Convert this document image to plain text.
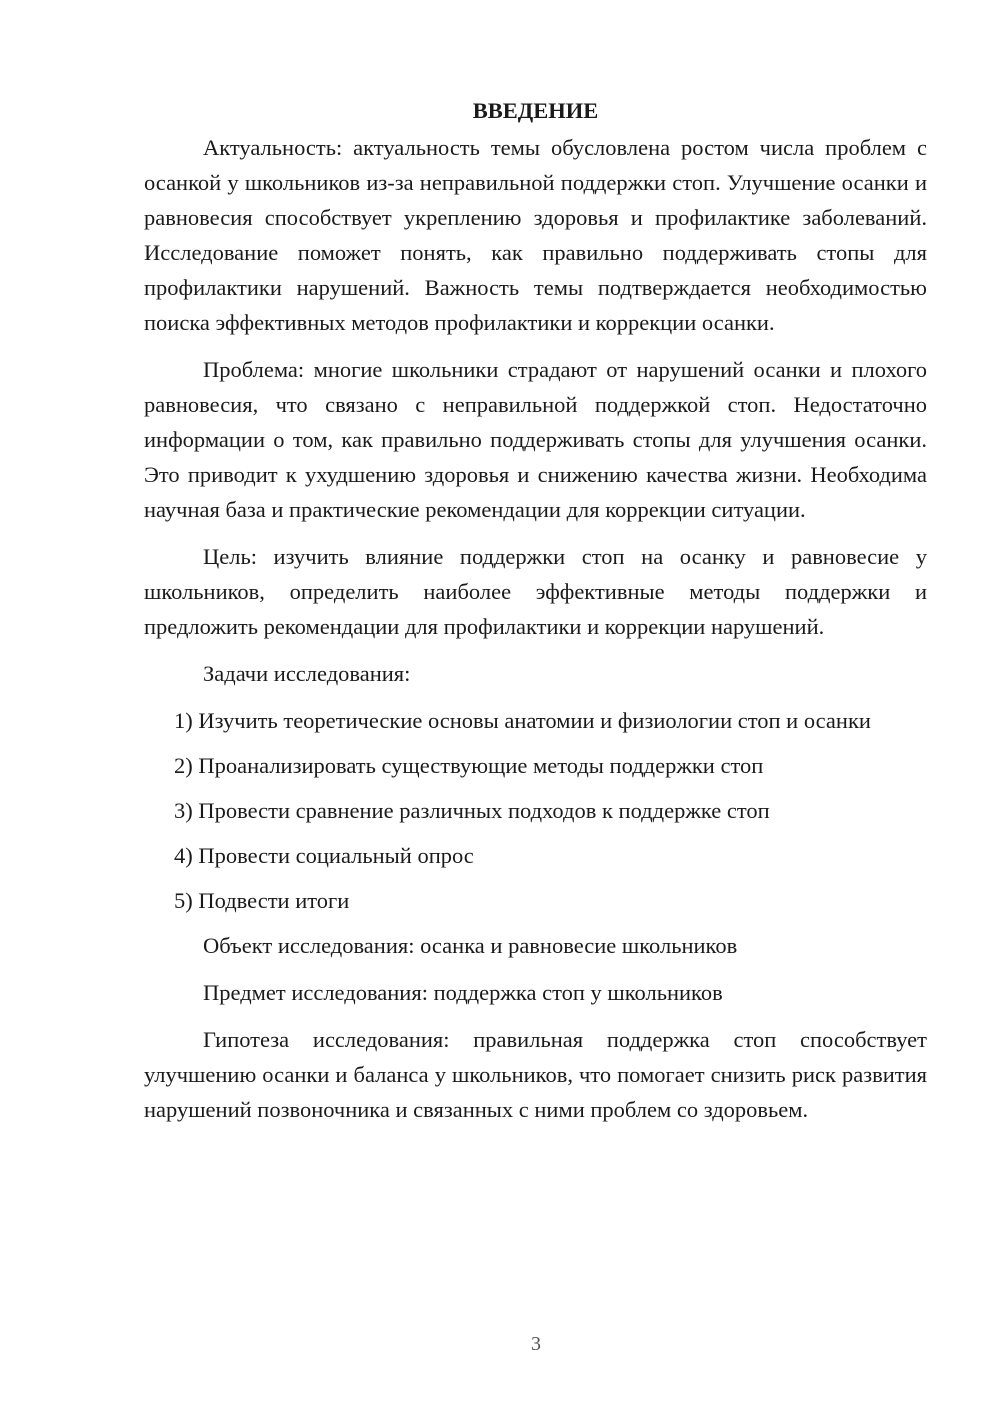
ВВЕДЕНИЕ

Актуальность: актуальность темы обусловлена ростом числа проблем с осанкой у школьников из-за неправильной поддержки стоп. Улучшение осанки и равновесия способствует укреплению здоровья и профилактике заболеваний. Исследование поможет понять, как правильно поддерживать стопы для профилактики нарушений. Важность темы подтверждается необходимостью поиска эффективных методов профилактики и коррекции осанки.

Проблема: многие школьники страдают от нарушений осанки и плохого равновесия, что связано с неправильной поддержкой стоп. Недостаточно информации о том, как правильно поддерживать стопы для улучшения осанки. Это приводит к ухудшению здоровья и снижению качества жизни. Необходима научная база и практические рекомендации для коррекции ситуации.

Цель: изучить влияние поддержки стоп на осанку и равновесие у школьников, определить наиболее эффективные методы поддержки и предложить рекомендации для профилактики и коррекции нарушений.

Задачи исследования:

1) Изучить теоретические основы анатомии и физиологии стоп и осанки

2) Проанализировать существующие методы поддержки стоп

3) Провести сравнение различных подходов к поддержке стоп

4) Провести социальный опрос

5) Подвести итоги

Объект исследования: осанка и равновесие школьников

Предмет исследования: поддержка стоп у школьников

Гипотеза исследования: правильная поддержка стоп способствует улучшению осанки и баланса у школьников, что помогает снизить риск развития нарушений позвоночника и связанных с ними проблем со здоровьем.

3
